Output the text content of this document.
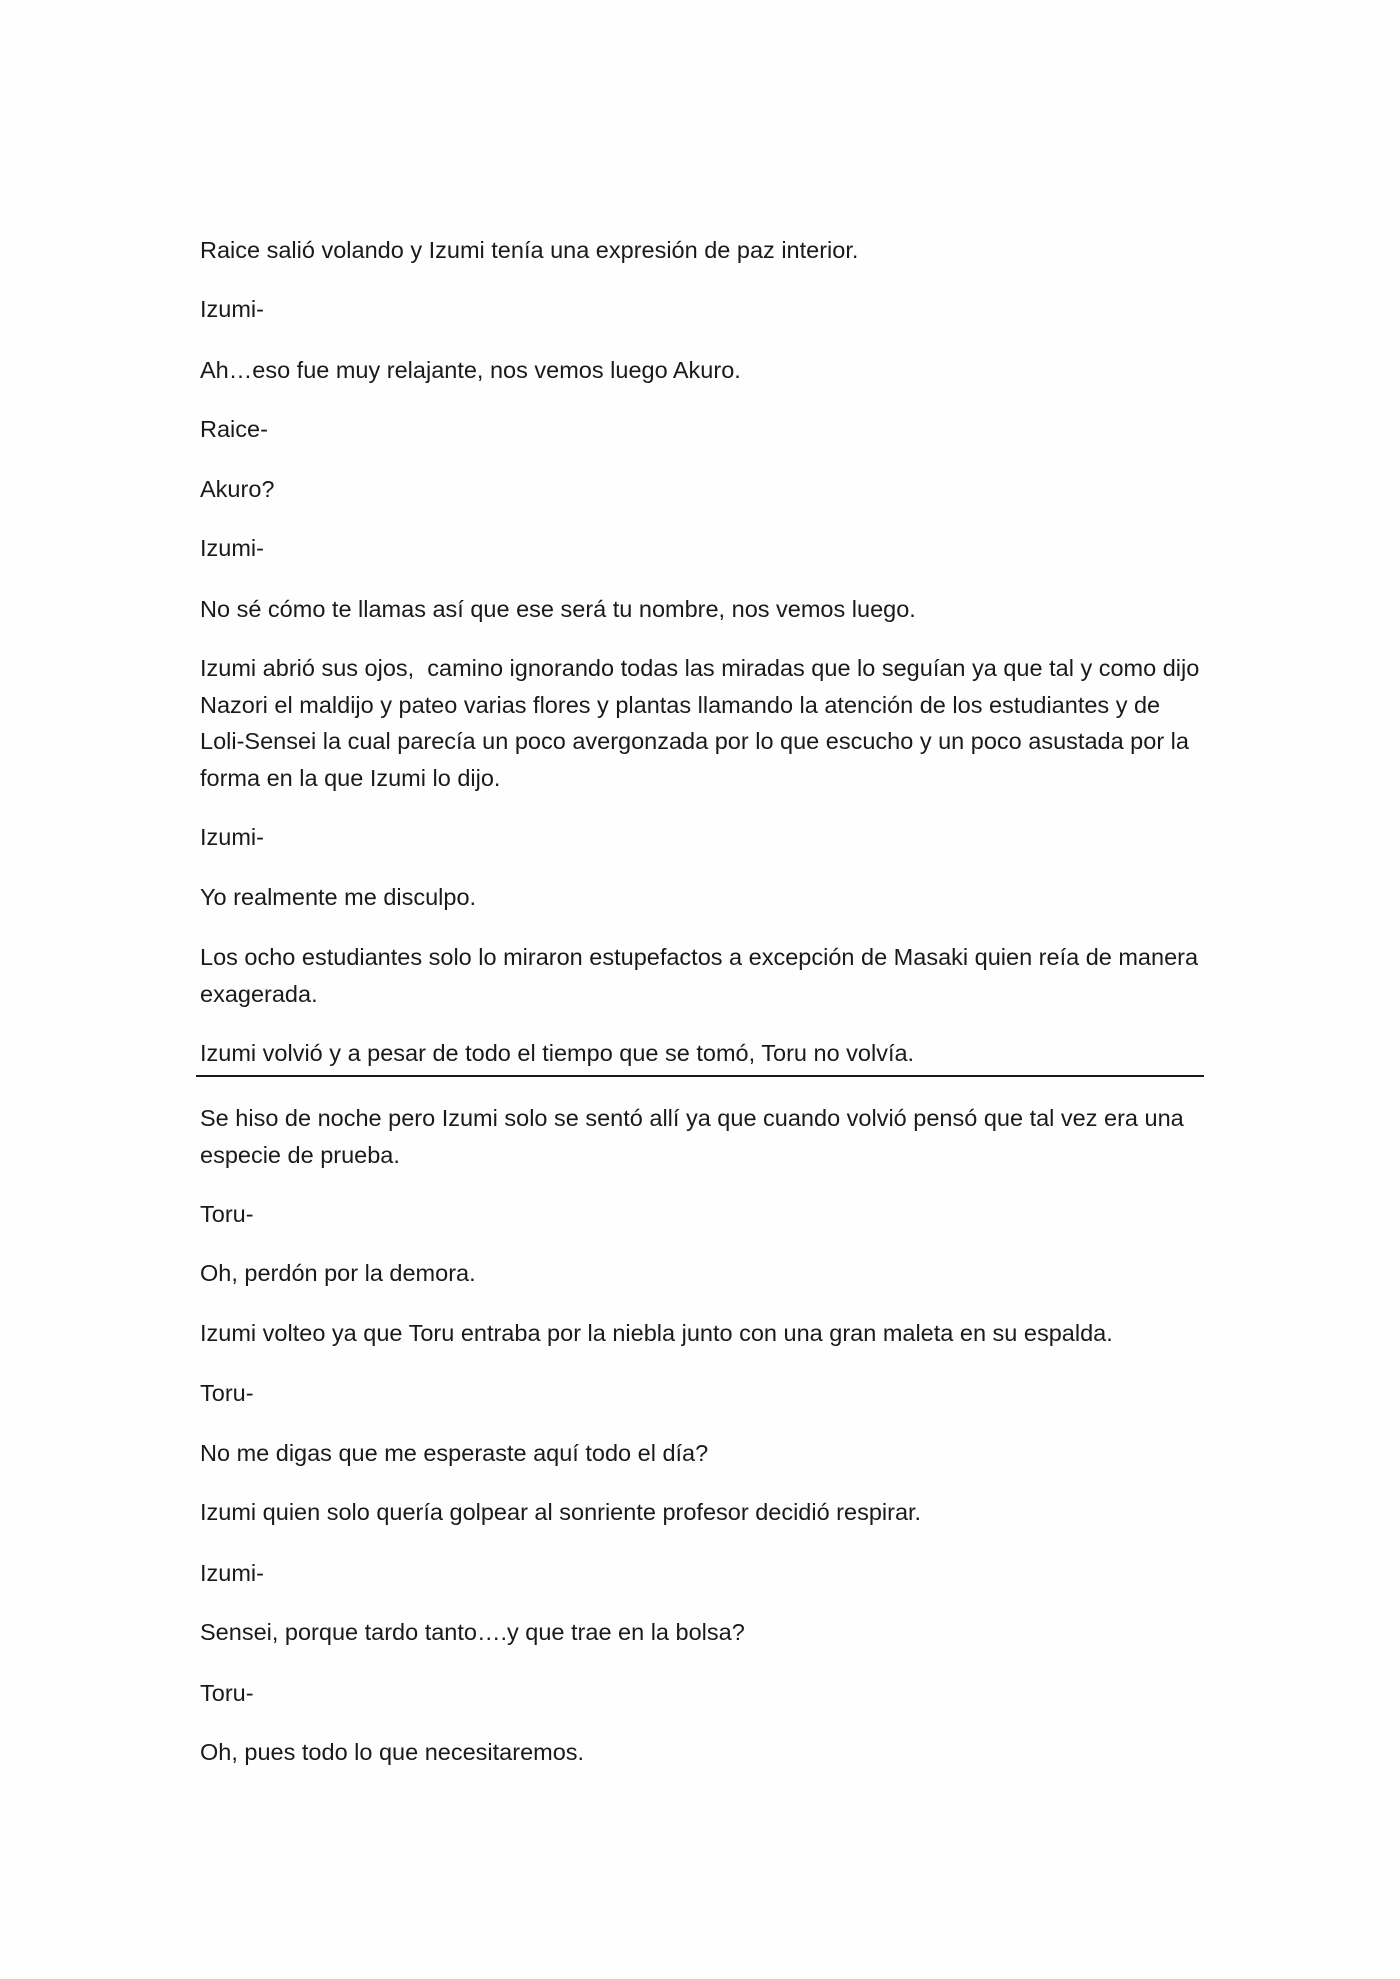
Raice salió volando y Izumi tenía una expresión de paz interior.
Izumi-
Ah…eso fue muy relajante, nos vemos luego Akuro.
Raice-
Akuro?
Izumi-
No sé cómo te llamas así que ese será tu nombre, nos vemos luego.
Izumi abrió sus ojos,  camino ignorando todas las miradas que lo seguían ya que tal y como dijo
Nazori el maldijo y pateo varias flores y plantas llamando la atención de los estudiantes y de
Loli-Sensei la cual parecía un poco avergonzada por lo que escucho y un poco asustada por la
forma en la que Izumi lo dijo.
Izumi-
Yo realmente me disculpo.
Los ocho estudiantes solo lo miraron estupefactos a excepción de Masaki quien reía de manera
exagerada.
Izumi volvió y a pesar de todo el tiempo que se tomó, Toru no volvía.
Se hiso de noche pero Izumi solo se sentó allí ya que cuando volvió pensó que tal vez era una
especie de prueba.
Toru-
Oh, perdón por la demora.
Izumi volteo ya que Toru entraba por la niebla junto con una gran maleta en su espalda.
Toru-
No me digas que me esperaste aquí todo el día?
Izumi quien solo quería golpear al sonriente profesor decidió respirar.
Izumi-
Sensei, porque tardo tanto….y que trae en la bolsa?
Toru-
Oh, pues todo lo que necesitaremos.
